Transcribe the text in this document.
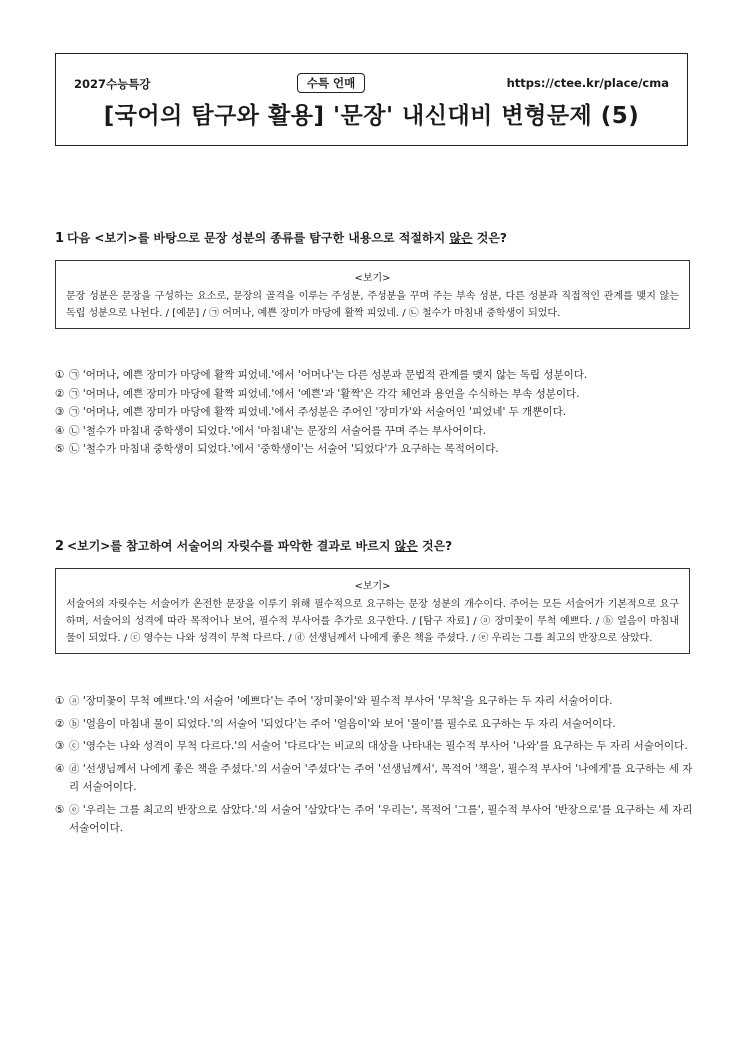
2027수능특강	수특 언매	https://ctee.kr/place/cma
[국어의 탐구와 활용] '문장' 내신대비 변형문제 (5)
1 다음 <보기>를 바탕으로 문장 성분의 종류를 탐구한 내용으로 적절하지 않은 것은?
<보기>
문장 성분은 문장을 구성하는 요소로, 문장의 골격을 이루는 주성분, 주성분을 꾸며 주는 부속 성분, 다른 성분과 직접적인 관계를 맺지 않는 독립 성분으로 나뉜다. / [예문] / ㉠ 어머나, 예쁜 장미가 마당에 활짝 피었네. / ㉡ 철수가 마침내 중학생이 되었다.
① ㉠ '어머나, 예쁜 장미가 마당에 활짝 피었네.'에서 '어머나'는 다른 성분과 문법적 관계를 맺지 않는 독립 성분이다.
② ㉠ '어머나, 예쁜 장미가 마당에 활짝 피었네.'에서 '예쁜'과 '활짝'은 각각 체언과 용언을 수식하는 부속 성분이다.
③ ㉠ '어머나, 예쁜 장미가 마당에 활짝 피었네.'에서 주성분은 주어인 '장미가'와 서술어인 '피었네' 두 개뿐이다.
④ ㉡ '철수가 마침내 중학생이 되었다.'에서 '마침내'는 문장의 서술어를 꾸며 주는 부사어이다.
⑤ ㉡ '철수가 마침내 중학생이 되었다.'에서 '중학생이'는 서술어 '되었다'가 요구하는 목적어이다.
2 <보기>를 참고하여 서술어의 자릿수를 파악한 결과로 바르지 않은 것은?
<보기>
서술어의 자릿수는 서술어가 온전한 문장을 이루기 위해 필수적으로 요구하는 문장 성분의 개수이다. 주어는 모든 서술어가 기본적으로 요구하며, 서술어의 성격에 따라 목적어나 보어, 필수적 부사어를 추가로 요구한다. / [탐구 자료] / ⓐ 장미꽃이 무척 예쁘다. / ⓑ 얼음이 마침내 물이 되었다. / ⓒ 영수는 나와 성격이 무척 다르다. / ⓓ 선생님께서 나에게 좋은 책을 주셨다. / ⓔ 우리는 그를 최고의 반장으로 삼았다.
① ⓐ '장미꽃이 무척 예쁘다.'의 서술어 '예쁘다'는 주어 '장미꽃이'와 필수적 부사어 '무척'을 요구하는 두 자리 서술어이다.
② ⓑ '얼음이 마침내 물이 되었다.'의 서술어 '되었다'는 주어 '얼음이'와 보어 '물이'를 필수로 요구하는 두 자리 서술어이다.
③ ⓒ '영수는 나와 성격이 무척 다르다.'의 서술어 '다르다'는 비교의 대상을 나타내는 필수적 부사어 '나와'를 요구하는 두 자리 서술어이다.
④ ⓓ '선생님께서 나에게 좋은 책을 주셨다.'의 서술어 '주셨다'는 주어 '선생님께서', 목적어 '책을', 필수적 부사어 '나에게'를 요구하는 세 자리 서술어이다.
⑤ ⓔ '우리는 그를 최고의 반장으로 삼았다.'의 서술어 '삼았다'는 주어 '우리는', 목적어 '그를', 필수적 부사어 '반장으로'를 요구하는 세 자리 서술어이다.
